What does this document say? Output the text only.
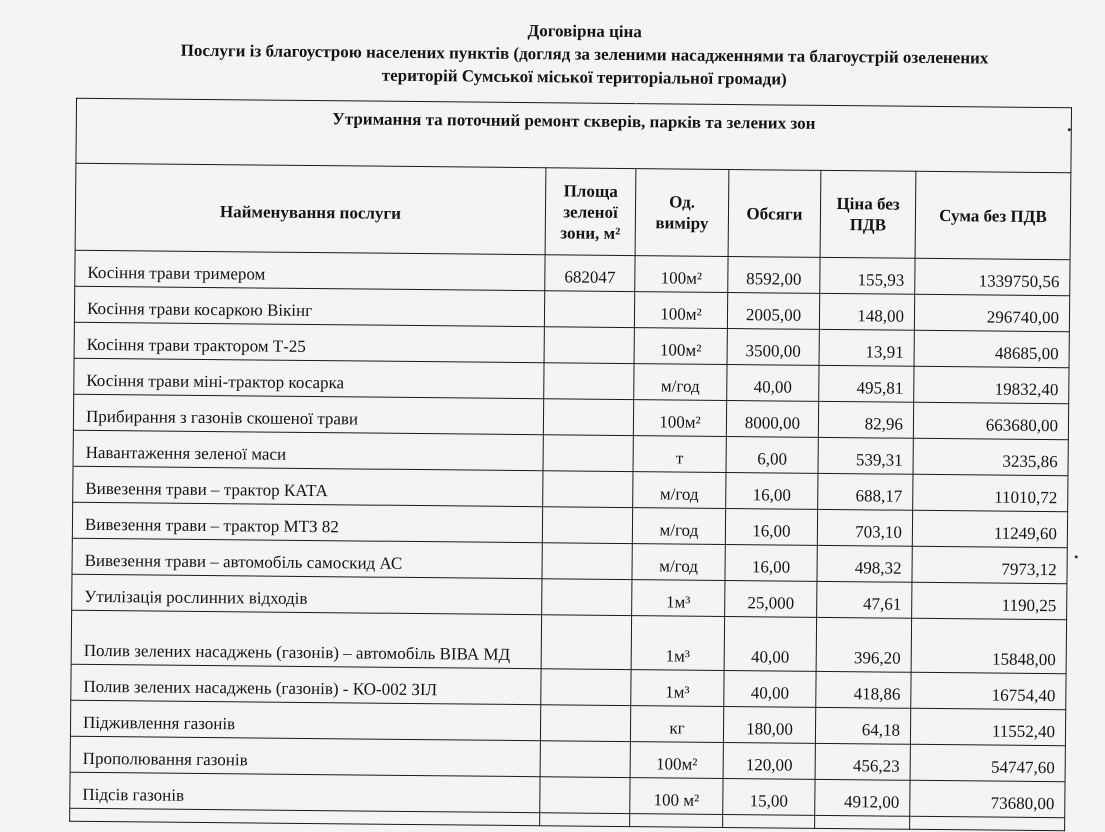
Договірна ціна
Послуги із благоустрою населених пунктів (догляд за зеленими насадженнями та благоустрій озеленених
територій Сумської міської територіальної громади)
Утримання та поточний ремонт скверів, парків та зелених зон					
Найменування послуги	Площа зеленої зони, м²	Од. виміру	Обсяги	Ціна без ПДВ	Сума без ПДВ
Косіння трави тримером	682047	100м²	8592,00	155,93	1339750,56
Косіння трави косаркою Вікінг		100м²	2005,00	148,00	296740,00
Косіння трави трактором Т-25		100м²	3500,00	13,91	48685,00
Косіння трави міні-трактор косарка		м/год	40,00	495,81	19832,40
Прибирання з газонів скошеної трави		100м²	8000,00	82,96	663680,00
Навантаження зеленої маси		т	6,00	539,31	3235,86
Вивезення трави – трактор КАТА		м/год	16,00	688,17	11010,72
Вивезення трави – трактор МТЗ 82		м/год	16,00	703,10	11249,60
Вивезення трави – автомобіль самоскид АС		м/год	16,00	498,32	7973,12
Утилізація рослинних відходів		1м³	25,000	47,61	1190,25
Полив зелених насаджень (газонів) – автомобіль ВІВА МД		1м³	40,00	396,20	15848,00
Полив зелених насаджень (газонів) - КО-002 ЗІЛ		1м³	40,00	418,86	16754,40
Підживлення газонів		кг	180,00	64,18	11552,40
Прополювання газонів		100м²	120,00	456,23	54747,60
Підсів газонів		100 м²	15,00	4912,00	73680,00
